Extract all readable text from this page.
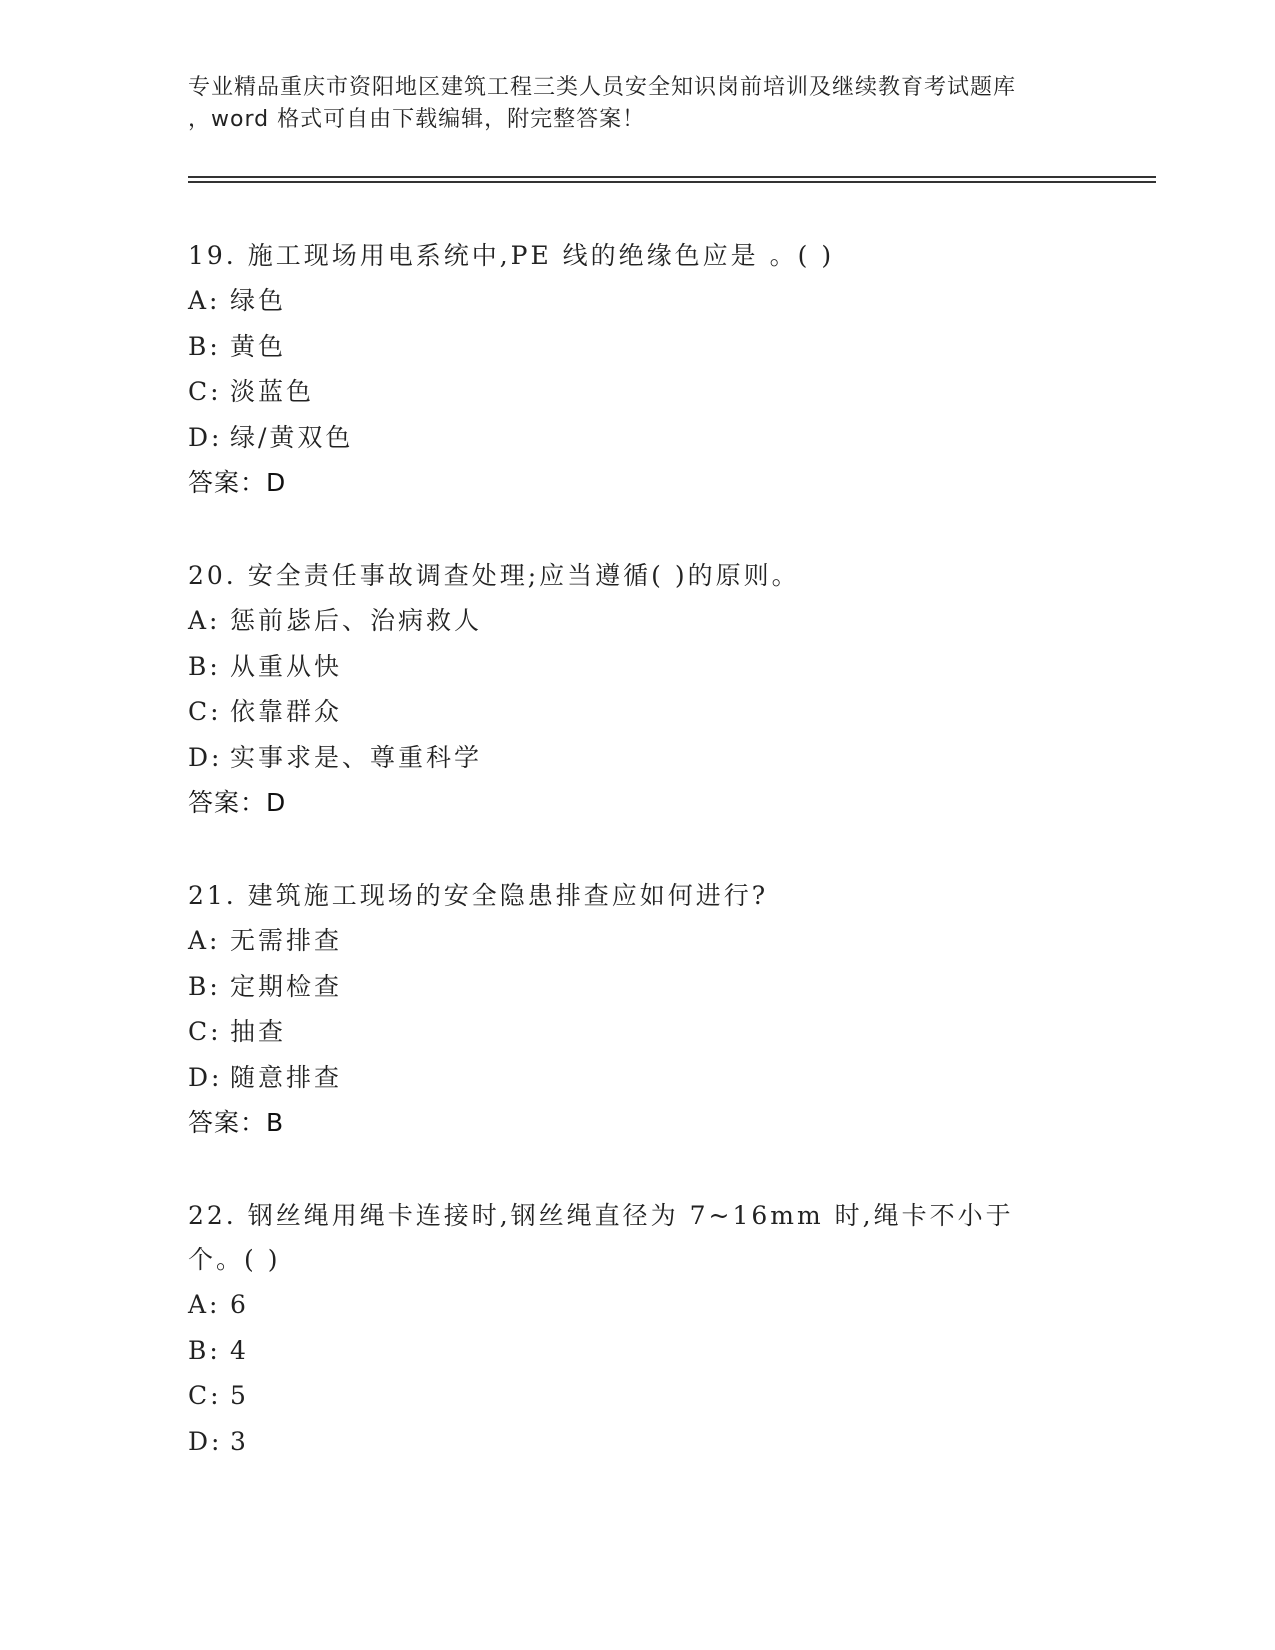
专业精品重庆市资阳地区建筑工程三类人员安全知识岗前培训及继续教育考试题库
，word 格式可自由下载编辑，附完整答案！
19. 施工现场用电系统中,PE 线的绝缘色应是 。( )
A: 绿色
B: 黄色
C: 淡蓝色
D: 绿/黄双色
答案：D
20. 安全责任事故调查处理;应当遵循( )的原则。
A: 惩前毖后、治病救人
B: 从重从快
C: 依靠群众
D: 实事求是、尊重科学
答案：D
21. 建筑施工现场的安全隐患排查应如何进行?
A: 无需排查
B: 定期检查
C: 抽查
D: 随意排查
答案：B
22. 钢丝绳用绳卡连接时,钢丝绳直径为 7~16mm 时,绳卡不小于
个。( )
A: 6
B: 4
C: 5
D: 3
